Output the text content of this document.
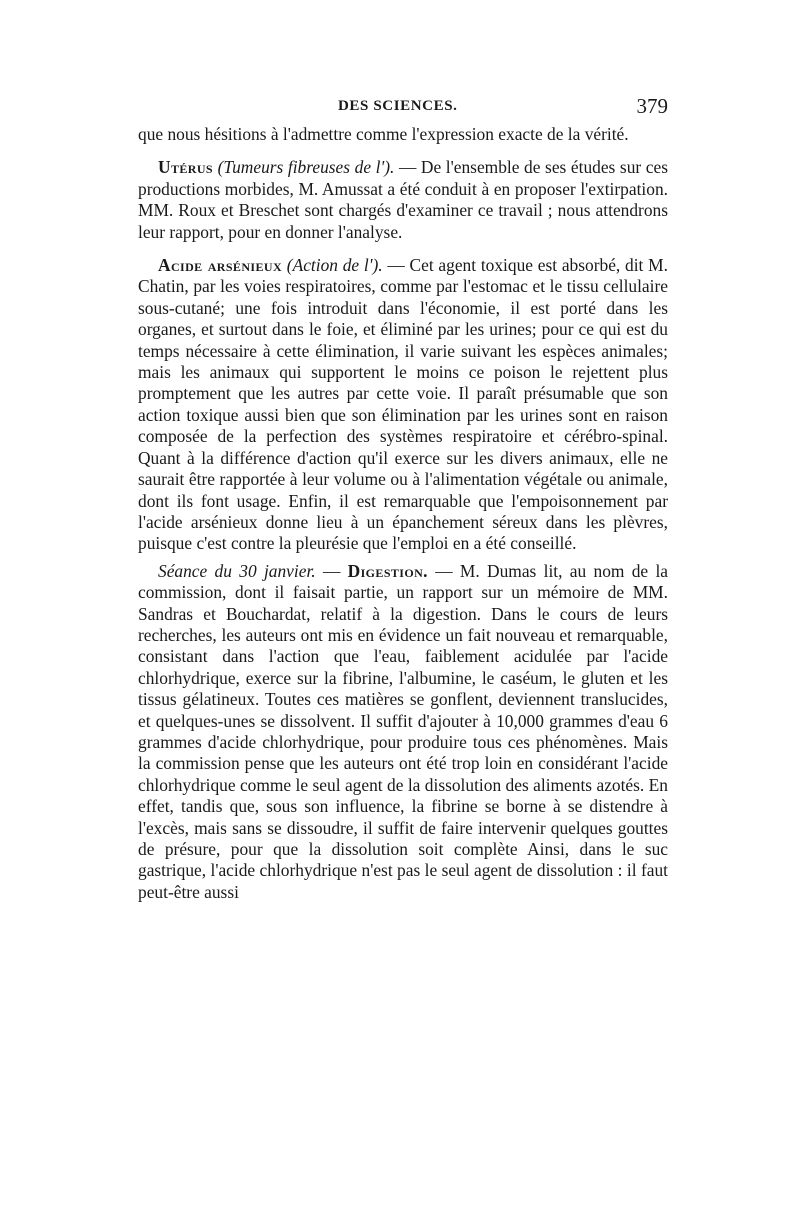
DES SCIENCES.	379

que nous hésitions à l'admettre comme l'expression exacte de la vérité.

Utérus (Tumeurs fibreuses de l'). — De l'ensemble de ses études sur ces productions morbides, M. Amussat a été conduit à en proposer l'extirpation. MM. Roux et Breschet sont chargés d'examiner ce travail ; nous attendrons leur rapport, pour en donner l'analyse.

Acide arsénieux (Action de l'). — Cet agent toxique est absorbé, dit M. Chatin, par les voies respiratoires, comme par l'estomac et le tissu cellulaire sous-cutané; une fois introduit dans l'économie, il est porté dans les organes, et surtout dans le foie, et éliminé par les urines; pour ce qui est du temps nécessaire à cette élimination, il varie suivant les espèces animales; mais les animaux qui supportent le moins ce poison le rejettent plus promptement que les autres par cette voie. Il paraît présumable que son action toxique aussi bien que son élimination par les urines sont en raison composée de la perfection des systèmes respiratoire et cérébro-spinal. Quant à la différence d'action qu'il exerce sur les divers animaux, elle ne saurait être rapportée à leur volume ou à l'alimentation végétale ou animale, dont ils font usage. Enfin, il est remarquable que l'empoisonnement par l'acide arsénieux donne lieu à un épanchement séreux dans les plèvres, puisque c'est contre la pleurésie que l'emploi en a été conseillé.

Séance du 30 janvier. — Digestion. — M. Dumas lit, au nom de la commission, dont il faisait partie, un rapport sur un mémoire de MM. Sandras et Bouchardat, relatif à la digestion. Dans le cours de leurs recherches, les auteurs ont mis en évidence un fait nouveau et remarquable, consistant dans l'action que l'eau, faiblement acidulée par l'acide chlorhydrique, exerce sur la fibrine, l'albumine, le caséum, le gluten et les tissus gélatineux. Toutes ces matières se gonflent, deviennent translucides, et quelques-unes se dissolvent. Il suffit d'ajouter à 10,000 grammes d'eau 6 grammes d'acide chlorhydrique, pour produire tous ces phénomènes. Mais la commission pense que les auteurs ont été trop loin en considérant l'acide chlorhydrique comme le seul agent de la dissolution des aliments azotés. En effet, tandis que, sous son influence, la fibrine se borne à se distendre à l'excès, mais sans se dissoudre, il suffit de faire intervenir quelques gouttes de présure, pour que la dissolution soit complète Ainsi, dans le suc gastrique, l'acide chlorhydrique n'est pas le seul agent de dissolution : il faut peut-être aussi
